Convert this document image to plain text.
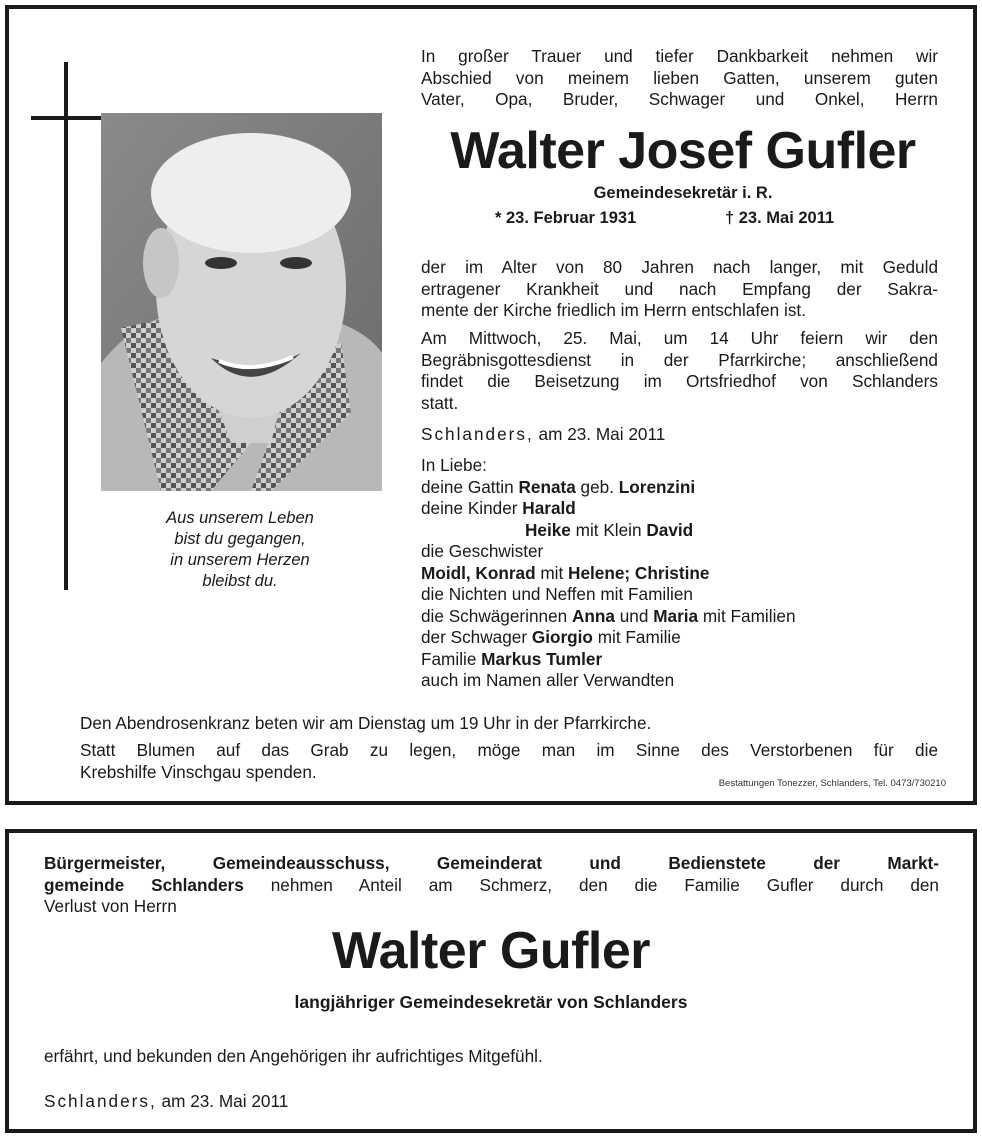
Aus unserem Leben
bist du gegangen,
in unserem Herzen
bleibst du.
In großer Trauer und tiefer Dankbarkeit nehmen wir
Abschied von meinem lieben Gatten, unserem guten
Vater, Opa, Bruder, Schwager und Onkel, Herrn
Walter Josef Gufler
Gemeindesekretär i. R.
* 23. Februar 1931	† 23. Mai 2011
der im Alter von 80 Jahren nach langer, mit Geduld
ertragener Krankheit und nach Empfang der Sakra-
mente der Kirche friedlich im Herrn entschlafen ist.
Am Mittwoch, 25. Mai, um 14 Uhr feiern wir den
Begräbnisgottesdienst in der Pfarrkirche; anschließend
findet die Beisetzung im Ortsfriedhof von Schlanders
statt.
Schlanders, am 23. Mai 2011
In Liebe:
deine Gattin Renata geb. Lorenzini
deine Kinder Harald
Heike mit Klein David
die Geschwister
Moidl, Konrad mit Helene; Christine
die Nichten und Neffen mit Familien
die Schwägerinnen Anna und Maria mit Familien
der Schwager Giorgio mit Familie
Familie Markus Tumler
auch im Namen aller Verwandten
Den Abendrosenkranz beten wir am Dienstag um 19 Uhr in der Pfarrkirche.
Statt Blumen auf das Grab zu legen, möge man im Sinne des Verstorbenen für die
Krebshilfe Vinschgau spenden.
Bestattungen Tonezzer, Schlanders, Tel. 0473/730210
Bürgermeister, Gemeindeausschuss, Gemeinderat und Bedienstete der Markt-
gemeinde Schlanders nehmen Anteil am Schmerz, den die Familie Gufler durch den
Verlust von Herrn
Walter Gufler
langjähriger Gemeindesekretär von Schlanders
erfährt, und bekunden den Angehörigen ihr aufrichtiges Mitgefühl.
Schlanders, am 23. Mai 2011
